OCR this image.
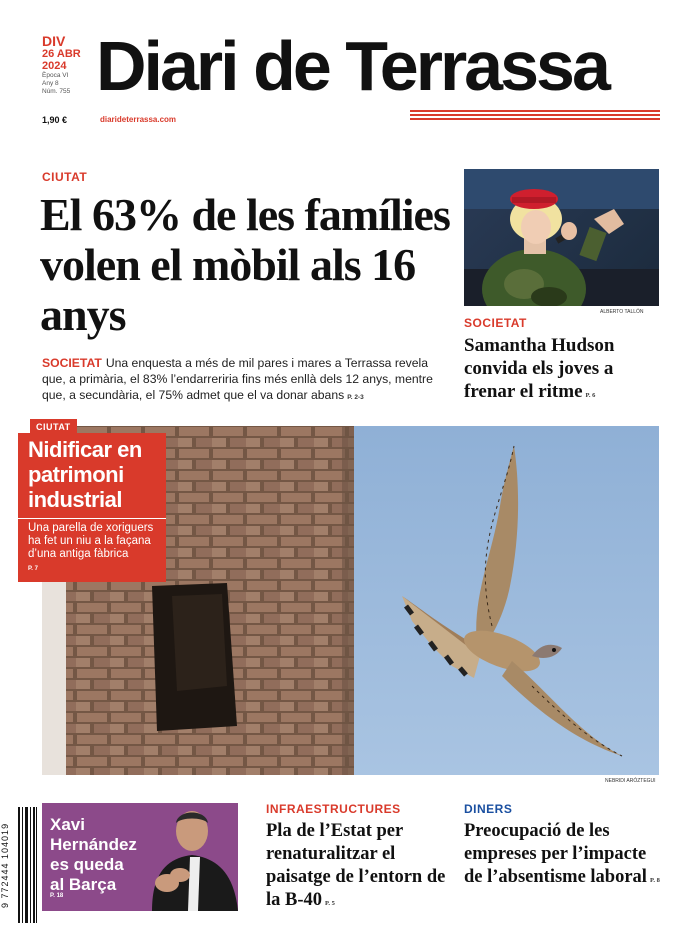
DIV
26 ABR
2024
Època VI
Any 8
Núm. 755
1,90 €	diarideterrassa.com
Diari de Terrassa
CIUTAT
El 63% de les famílies volen el mòbil als 16 anys

SOCIETAT Una enquesta a més de mil pares i mares a Terrassa revela que, a primària, el 83% l’endarreriria fins més enllà dels 12 anys, mentre que, a secundària, el 75% admet que el va donar abans P. 2-3

ALBERTO TALLÓN
SOCIETAT
Samantha Hudson convida els joves a frenar el ritme P. 6
NEBRIDI ARÓZTEGUI
CIUTAT
Nidificar en patrimoni industrial
Una parella de xoriguers ha fet un niu a la façana d’una antiga fàbrica
P. 7
9 772444 104019	Xavi Hernández es queda al Barça
P. 18
INFRAESTRUCTURES
Pla de l’Estat per renaturalitzar el paisatge de l’entorn de la B-40 P. 5
DINERS
Preocupació de les empreses per l’impacte de l’absentisme laboral P. 8
